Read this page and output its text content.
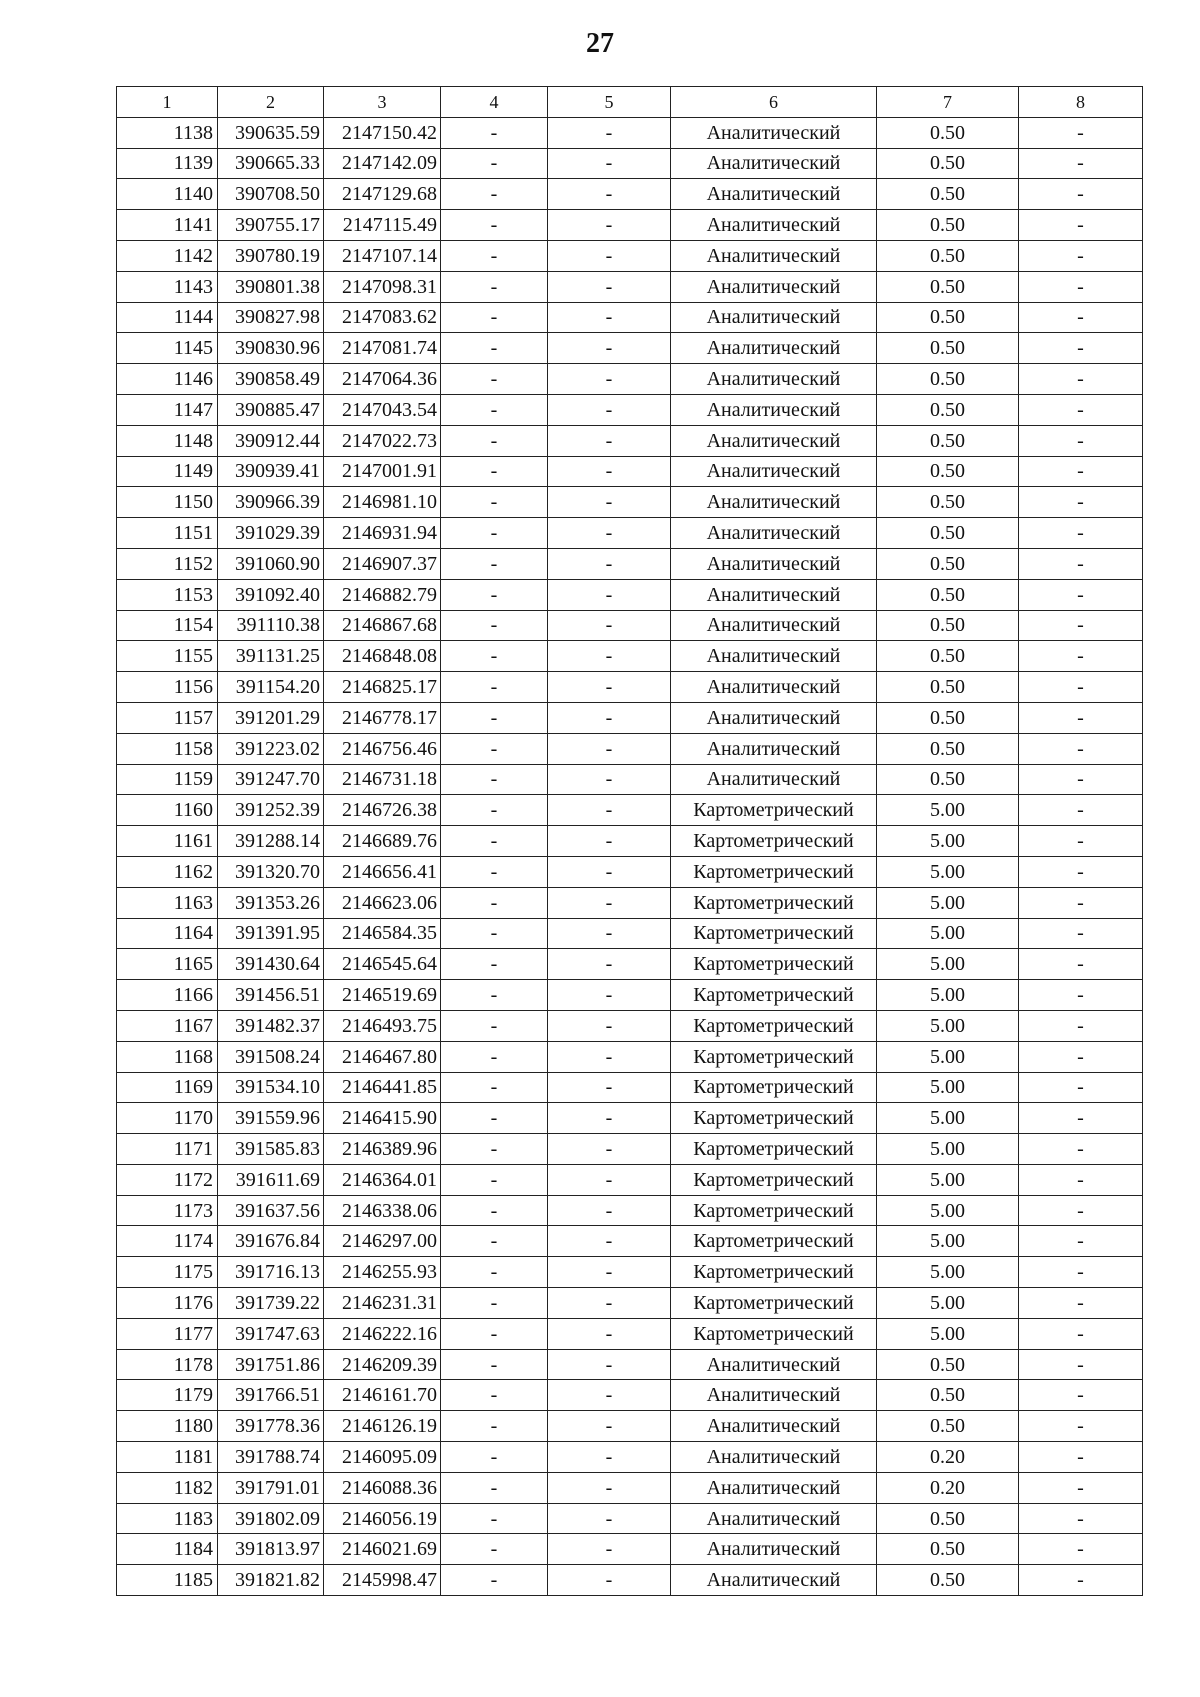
27
1	2	3	4	5	6	7	8
1138	390635.59	2147150.42	-	-	Аналитический	0.50	-
1139	390665.33	2147142.09	-	-	Аналитический	0.50	-
1140	390708.50	2147129.68	-	-	Аналитический	0.50	-
1141	390755.17	2147115.49	-	-	Аналитический	0.50	-
1142	390780.19	2147107.14	-	-	Аналитический	0.50	-
1143	390801.38	2147098.31	-	-	Аналитический	0.50	-
1144	390827.98	2147083.62	-	-	Аналитический	0.50	-
1145	390830.96	2147081.74	-	-	Аналитический	0.50	-
1146	390858.49	2147064.36	-	-	Аналитический	0.50	-
1147	390885.47	2147043.54	-	-	Аналитический	0.50	-
1148	390912.44	2147022.73	-	-	Аналитический	0.50	-
1149	390939.41	2147001.91	-	-	Аналитический	0.50	-
1150	390966.39	2146981.10	-	-	Аналитический	0.50	-
1151	391029.39	2146931.94	-	-	Аналитический	0.50	-
1152	391060.90	2146907.37	-	-	Аналитический	0.50	-
1153	391092.40	2146882.79	-	-	Аналитический	0.50	-
1154	391110.38	2146867.68	-	-	Аналитический	0.50	-
1155	391131.25	2146848.08	-	-	Аналитический	0.50	-
1156	391154.20	2146825.17	-	-	Аналитический	0.50	-
1157	391201.29	2146778.17	-	-	Аналитический	0.50	-
1158	391223.02	2146756.46	-	-	Аналитический	0.50	-
1159	391247.70	2146731.18	-	-	Аналитический	0.50	-
1160	391252.39	2146726.38	-	-	Картометрический	5.00	-
1161	391288.14	2146689.76	-	-	Картометрический	5.00	-
1162	391320.70	2146656.41	-	-	Картометрический	5.00	-
1163	391353.26	2146623.06	-	-	Картометрический	5.00	-
1164	391391.95	2146584.35	-	-	Картометрический	5.00	-
1165	391430.64	2146545.64	-	-	Картометрический	5.00	-
1166	391456.51	2146519.69	-	-	Картометрический	5.00	-
1167	391482.37	2146493.75	-	-	Картометрический	5.00	-
1168	391508.24	2146467.80	-	-	Картометрический	5.00	-
1169	391534.10	2146441.85	-	-	Картометрический	5.00	-
1170	391559.96	2146415.90	-	-	Картометрический	5.00	-
1171	391585.83	2146389.96	-	-	Картометрический	5.00	-
1172	391611.69	2146364.01	-	-	Картометрический	5.00	-
1173	391637.56	2146338.06	-	-	Картометрический	5.00	-
1174	391676.84	2146297.00	-	-	Картометрический	5.00	-
1175	391716.13	2146255.93	-	-	Картометрический	5.00	-
1176	391739.22	2146231.31	-	-	Картометрический	5.00	-
1177	391747.63	2146222.16	-	-	Картометрический	5.00	-
1178	391751.86	2146209.39	-	-	Аналитический	0.50	-
1179	391766.51	2146161.70	-	-	Аналитический	0.50	-
1180	391778.36	2146126.19	-	-	Аналитический	0.50	-
1181	391788.74	2146095.09	-	-	Аналитический	0.20	-
1182	391791.01	2146088.36	-	-	Аналитический	0.20	-
1183	391802.09	2146056.19	-	-	Аналитический	0.50	-
1184	391813.97	2146021.69	-	-	Аналитический	0.50	-
1185	391821.82	2145998.47	-	-	Аналитический	0.50	-
